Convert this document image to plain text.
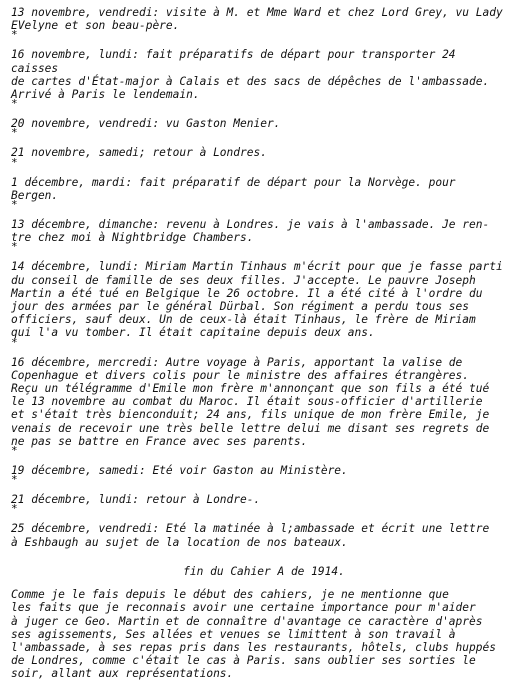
13 novembre, vendredi: visite à M. et Mme Ward et chez Lord Grey, vu Lady
EVelyne et son beau-père.

*

16 novembre, lundi: fait préparatifs de départ pour transporter 24 caisses
de cartes d'État-major à Calais et des sacs de dépêches de l'ambassade.
Arrivé à Paris le lendemain.

*

20 novembre, vendredi: vu Gaston Menier.

*

21 novembre, samedi; retour à Londres.

*

1 décembre, mardi: fait préparatif de départ pour la Norvège. pour Bergen.

*

13 décembre, dimanche: revenu à Londres. je vais à l'ambassade. Je ren-
tre chez moi à Nightbridge Chambers.

*

14 décembre, lundi: Miriam Martin Tinhaus m'écrit pour que je fasse parti
du conseil de famille de ses deux filles. J'accepte. Le pauvre Joseph
Martin a été tué en Belgique le 26 octobre. Il a été cité à l'ordre du
jour des armées par le général Dürbal. Son régiment a perdu tous ses
officiers, sauf deux. Un de ceux-là était Tinhaus, le frère de Miriam
qui l'a vu tomber. Il était capitaine depuis deux ans.

*

16 décembre, mercredi: Autre voyage à Paris, apportant la valise de
Copenhague et divers colis pour le ministre des affaires étrangères.
Reçu un télégramme d'Emile mon frère m'annonçant que son fils a été tué
le 13 novembre au combat du Maroc. Il était sous-officier d'artillerie
et s'était très bienconduit; 24 ans, fils unique de mon frère Emile, je
venais de recevoir une très belle lettre delui me disant ses regrets de
ne pas se battre en France avec ses parents.

*

19 décembre, samedi: Eté voir Gaston au Ministère.

*

21 décembre, lundi: retour à Londre-.

*

25 décembre, vendredi: Eté la matinée à l;ambassade et écrit une lettre
à Eshbaugh au sujet de la location de nos bateaux.

fin du Cahier A de 1914.

Comme je le fais depuis le début des cahiers, je ne mentionne que
les faits que je reconnais avoir une certaine importance pour m'aider
à juger ce Geo. Martin et de connaître d'avantage ce caractère d'après
ses agissements, Ses allées et venues se limittent à son travail à
l'ambassade, à ses repas pris dans les restaurants, hôtels, clubs huppés
de Londres, comme c'était le cas à Paris. sans oublier ses sorties le
soir, allant aux représentations.
